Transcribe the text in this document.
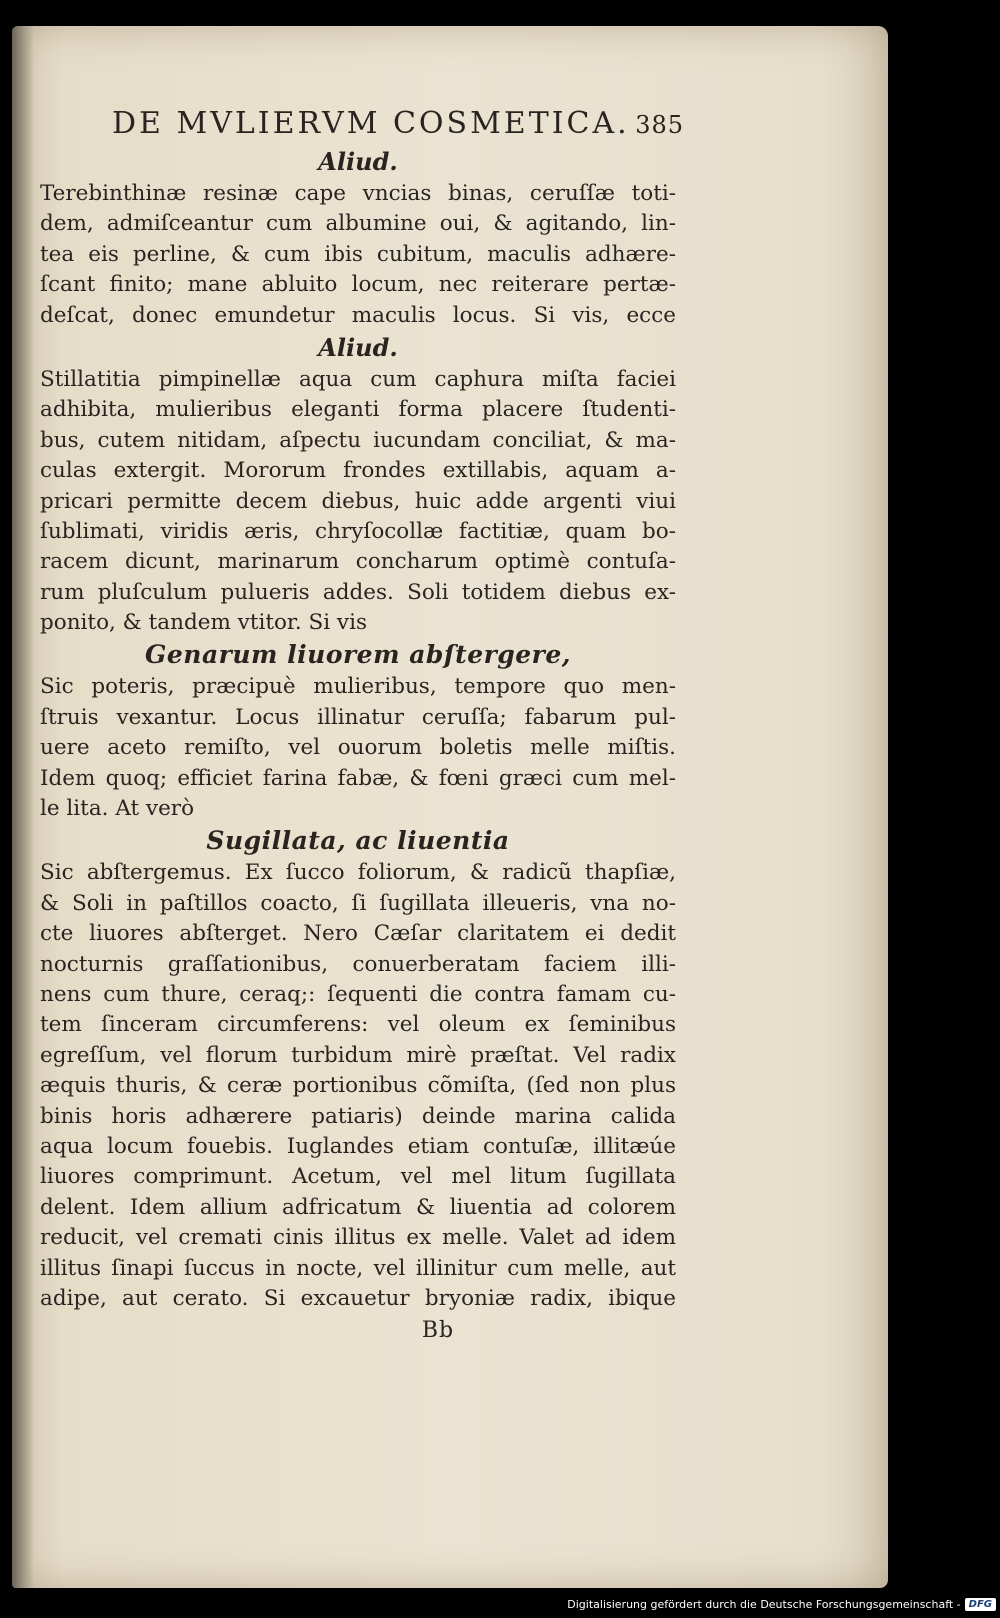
DE MVLIERVM COSMETICA. 385
Aliud.
Terebinthinæ resinæ cape vncias binas, ceruſſæ toti-
dem, admiſceantur cum albumine oui, & agitando, lin-
tea eis perline, & cum ibis cubitum, maculis adhære-
ſcant finito; mane abluito locum, nec reiterare pertæ-
deſcat, donec emundetur maculis locus. Si vis, ecce
Aliud.
Stillatitia pimpinellæ aqua cum caphura miſta faciei
adhibita, mulieribus eleganti forma placere ſtudenti-
bus, cutem nitidam, aſpectu iucundam conciliat, & ma-
culas extergit. Mororum frondes extillabis, aquam a-
pricari permitte decem diebus, huic adde argenti viui
ſublimati, viridis æris, chryſocollæ factitiæ, quam bo-
racem dicunt, marinarum concharum optimè contuſa-
rum pluſculum pulueris addes. Soli totidem diebus ex-
ponito, & tandem vtitor. Si vis
Genarum liuorem abſtergere,
Sic poteris, præcipuè mulieribus, tempore quo men-
ſtruis vexantur. Locus illinatur ceruſſa; fabarum pul-
uere aceto remiſto, vel ouorum boletis melle miſtis.
Idem quoq; efficiet farina fabæ, & fœni græci cum mel-
le lita. At verò
Sugillata, ac liuentia
Sic abſtergemus. Ex ſucco foliorum, & radicũ thapſiæ,
& Soli in paſtillos coacto, ſi ſugillata illeueris, vna no-
cte liuores abſterget. Nero Cæſar claritatem ei dedit
nocturnis graſſationibus, conuerberatam faciem illi-
nens cum thure, ceraq;: ſequenti die contra famam cu-
tem ſinceram circumferens: vel oleum ex ſeminibus
egreſſum, vel florum turbidum mirè præſtat. Vel radix
æquis thuris, & ceræ portionibus cõmiſta, (ſed non plus
binis horis adhærere patiaris) deinde marina calida
aqua locum fouebis. Iuglandes etiam contuſæ, illitæúe
liuores comprimunt. Acetum, vel mel litum ſugillata
delent. Idem allium adfricatum & liuentia ad colorem
reducit, vel cremati cinis illitus ex melle. Valet ad idem
illitus ſinapi ſuccus in nocte, vel illinitur cum melle, aut
adipe, aut cerato. Si excauetur bryoniæ radix, ibique
Bb
Digitalisierung gefördert durch die Deutsche Forschungsgemeinschaft - DFG
